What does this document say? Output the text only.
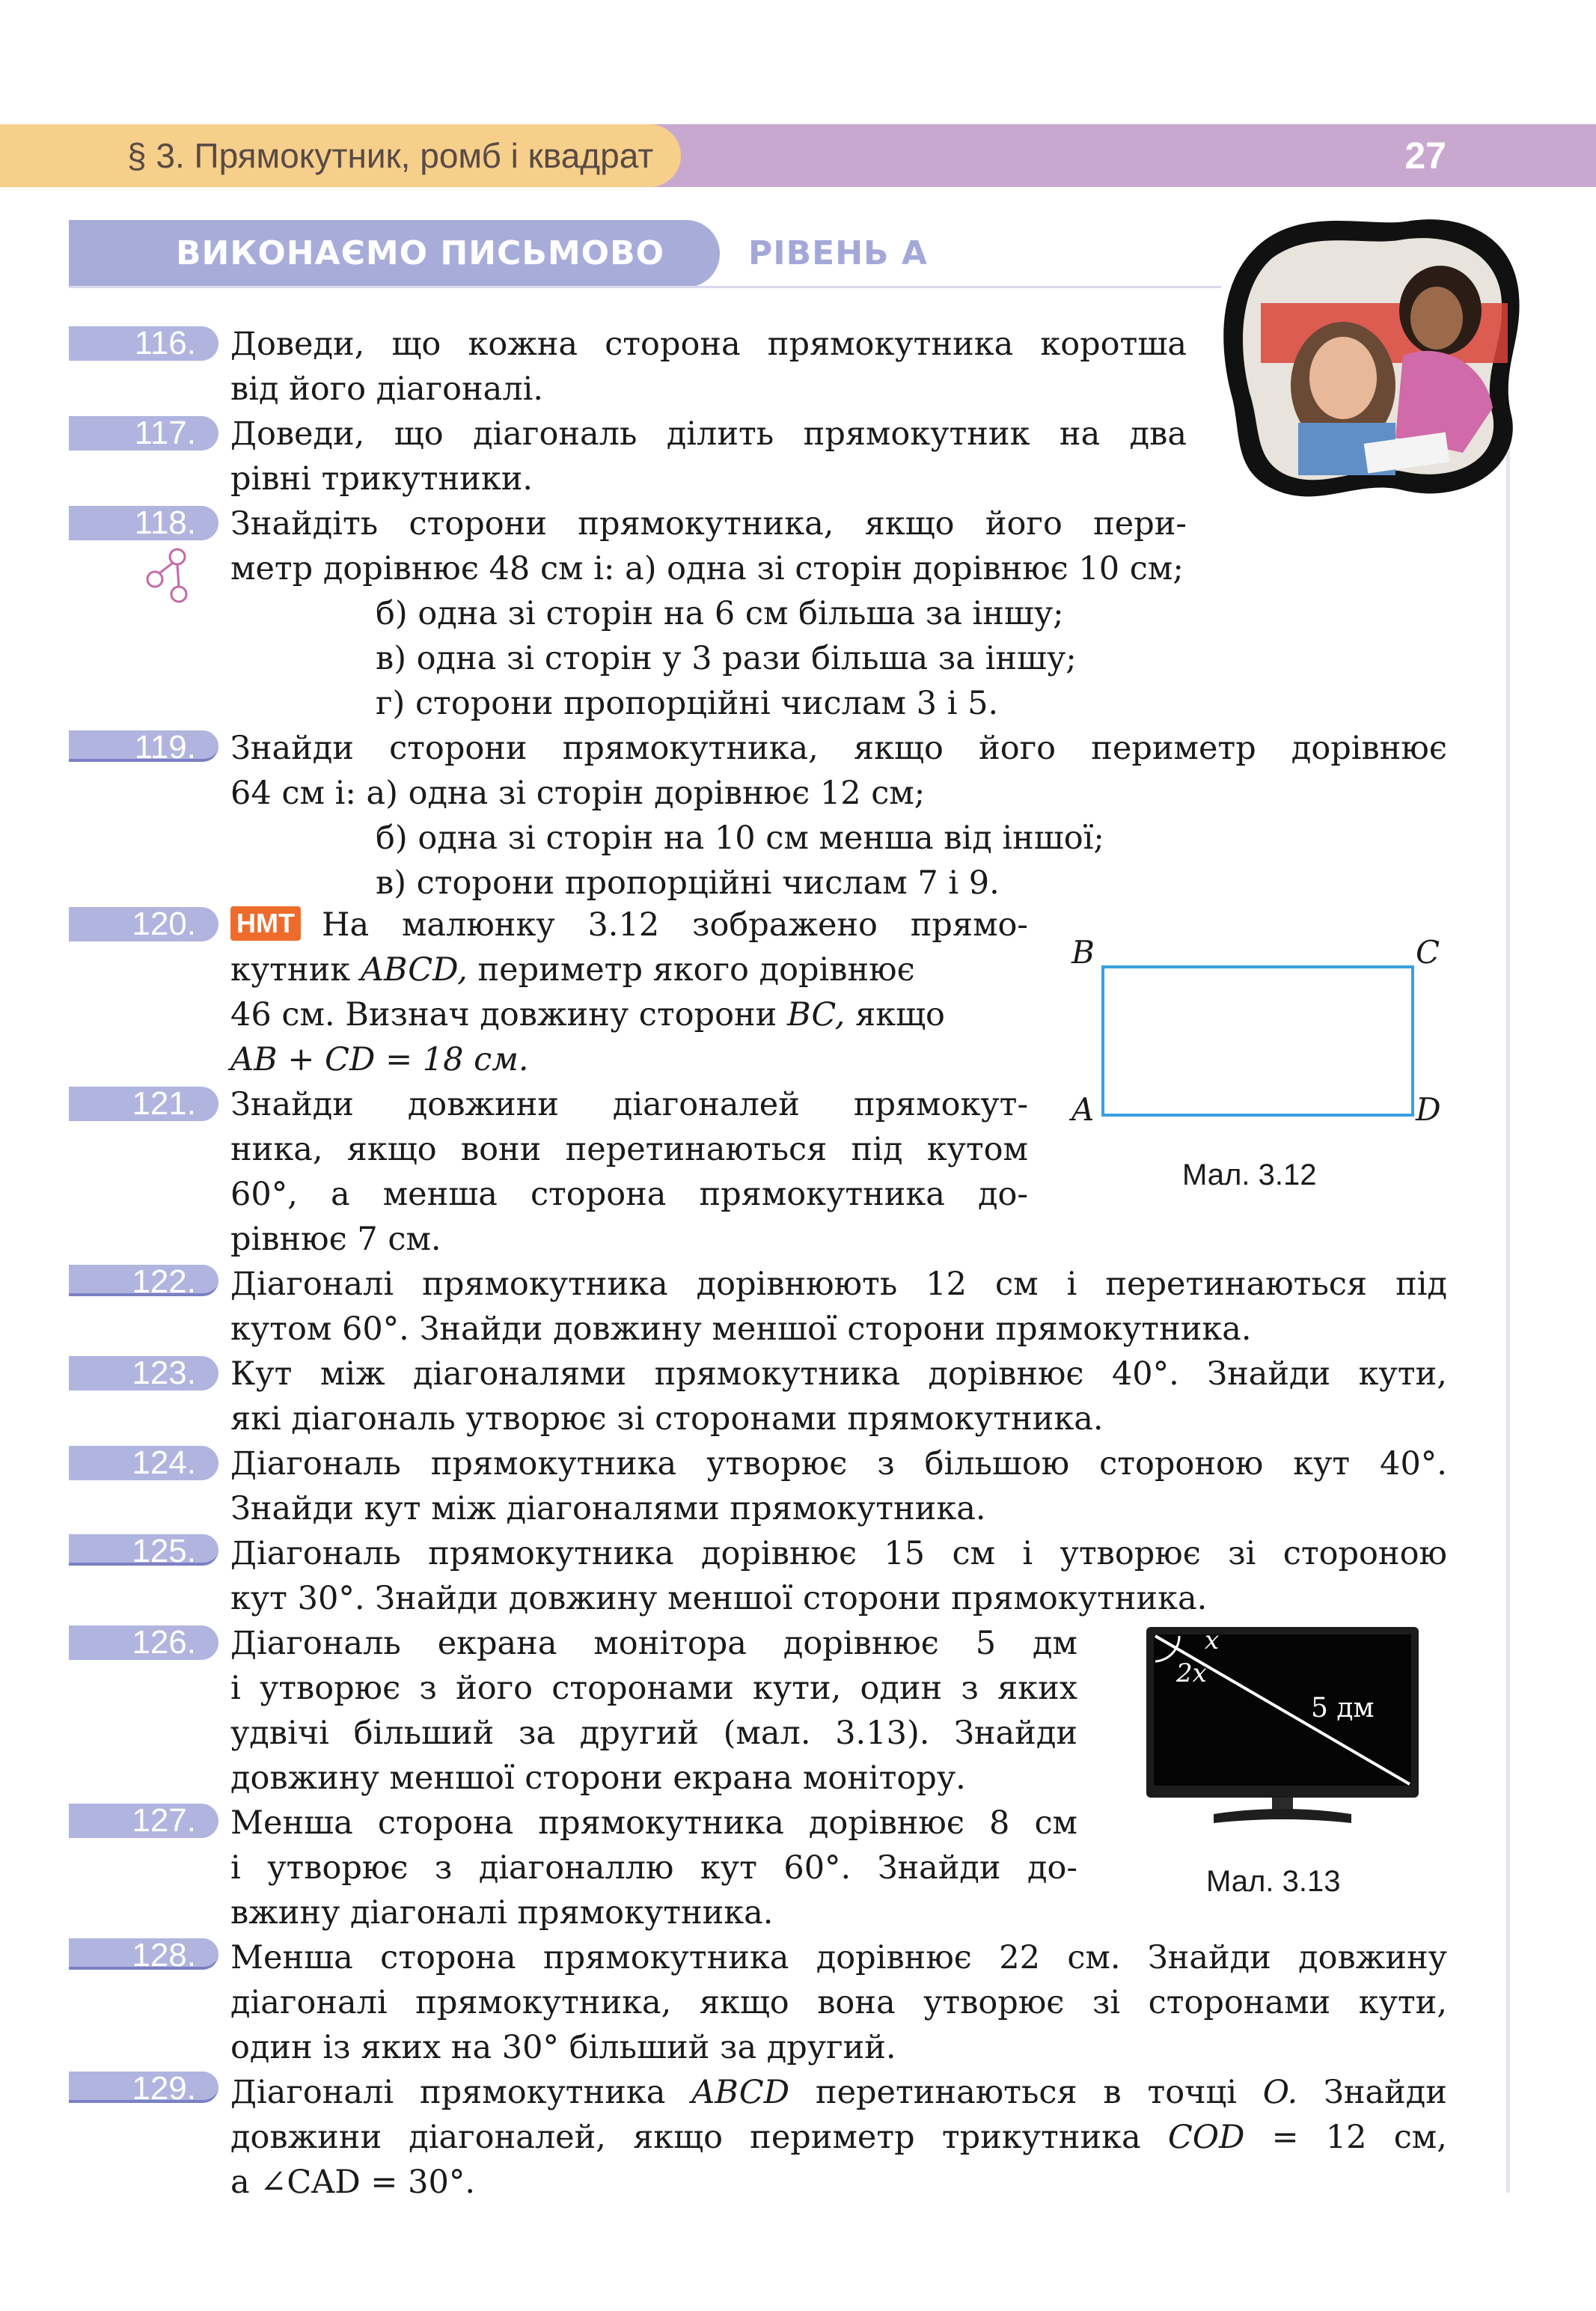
§ 3. Прямокутник, ромб і квадрат	27
ВИКОНАЄМО ПИСЬМОВО	РІВЕНЬ А
116.
117.
118.
119.
120.
121.
122.
123.
124.
125.
126.
127.
128.
129.
Доведи, що кожна сторона прямокутника коротша
від його діагоналі.
Доведи, що діагональ ділить прямокутник на два
рівні трикутники.
Знайдіть сторони прямокутника, якщо його пери-
метр дорівнює 48 см і: а) одна зі сторін дорівнює 10 см;
б) одна зі сторін на 6 см більша за іншу;
в) одна зі сторін у 3 рази більша за іншу;
г) сторони пропорційні числам 3 і 5.
Знайди сторони прямокутника, якщо його периметр дорівнює
64 см і: а) одна зі сторін дорівнює 12 см;
б) одна зі сторін на 10 см менша від іншої;
в) сторони пропорційні числам 7 і 9.
НМТ На малюнку 3.12 зображено прямо-
кутник ABCD, периметр якого дорівнює
46 см. Визнач довжину сторони BC, якщо
AB + CD = 18 см.
Знайди довжини діагоналей прямокут-
ника, якщо вони перетинаються під кутом
60°, а менша сторона прямокутника до-
рівнює 7 см.
Діагоналі прямокутника дорівнюють 12 см і перетинаються під
кутом 60°. Знайди довжину меншої сторони прямокутника.
Кут між діагоналями прямокутника дорівнює 40°. Знайди кути,
які діагональ утворює зі сторонами прямокутника.
Діагональ прямокутника утворює з більшою стороною кут 40°.
Знайди кут між діагоналями прямокутника.
Діагональ прямокутника дорівнює 15 см і утворює зі стороною
кут 30°. Знайди довжину меншої сторони прямокутника.
Діагональ екрана монітора дорівнює 5 дм
і утворює з його сторонами кути, один з яких
удвічі більший за другий (мал. 3.13). Знайди
довжину меншої сторони екрана монітору.
Менша сторона прямокутника дорівнює 8 см
і утворює з діагоналлю кут 60°. Знайди до-
вжину діагоналі прямокутника.
Менша сторона прямокутника дорівнює 22 см. Знайди довжину
діагоналі прямокутника, якщо вона утворює зі сторонами кути,
один із яких на 30° більший за другий.
Діагоналі прямокутника ABCD перетинаються в точці O. Знайди
довжини діагоналей, якщо периметр трикутника COD = 12 см,
а ∠CAD = 30°.
B	C
A	D
Мал. 3.12
x
2x
5 дм
Мал. 3.13
